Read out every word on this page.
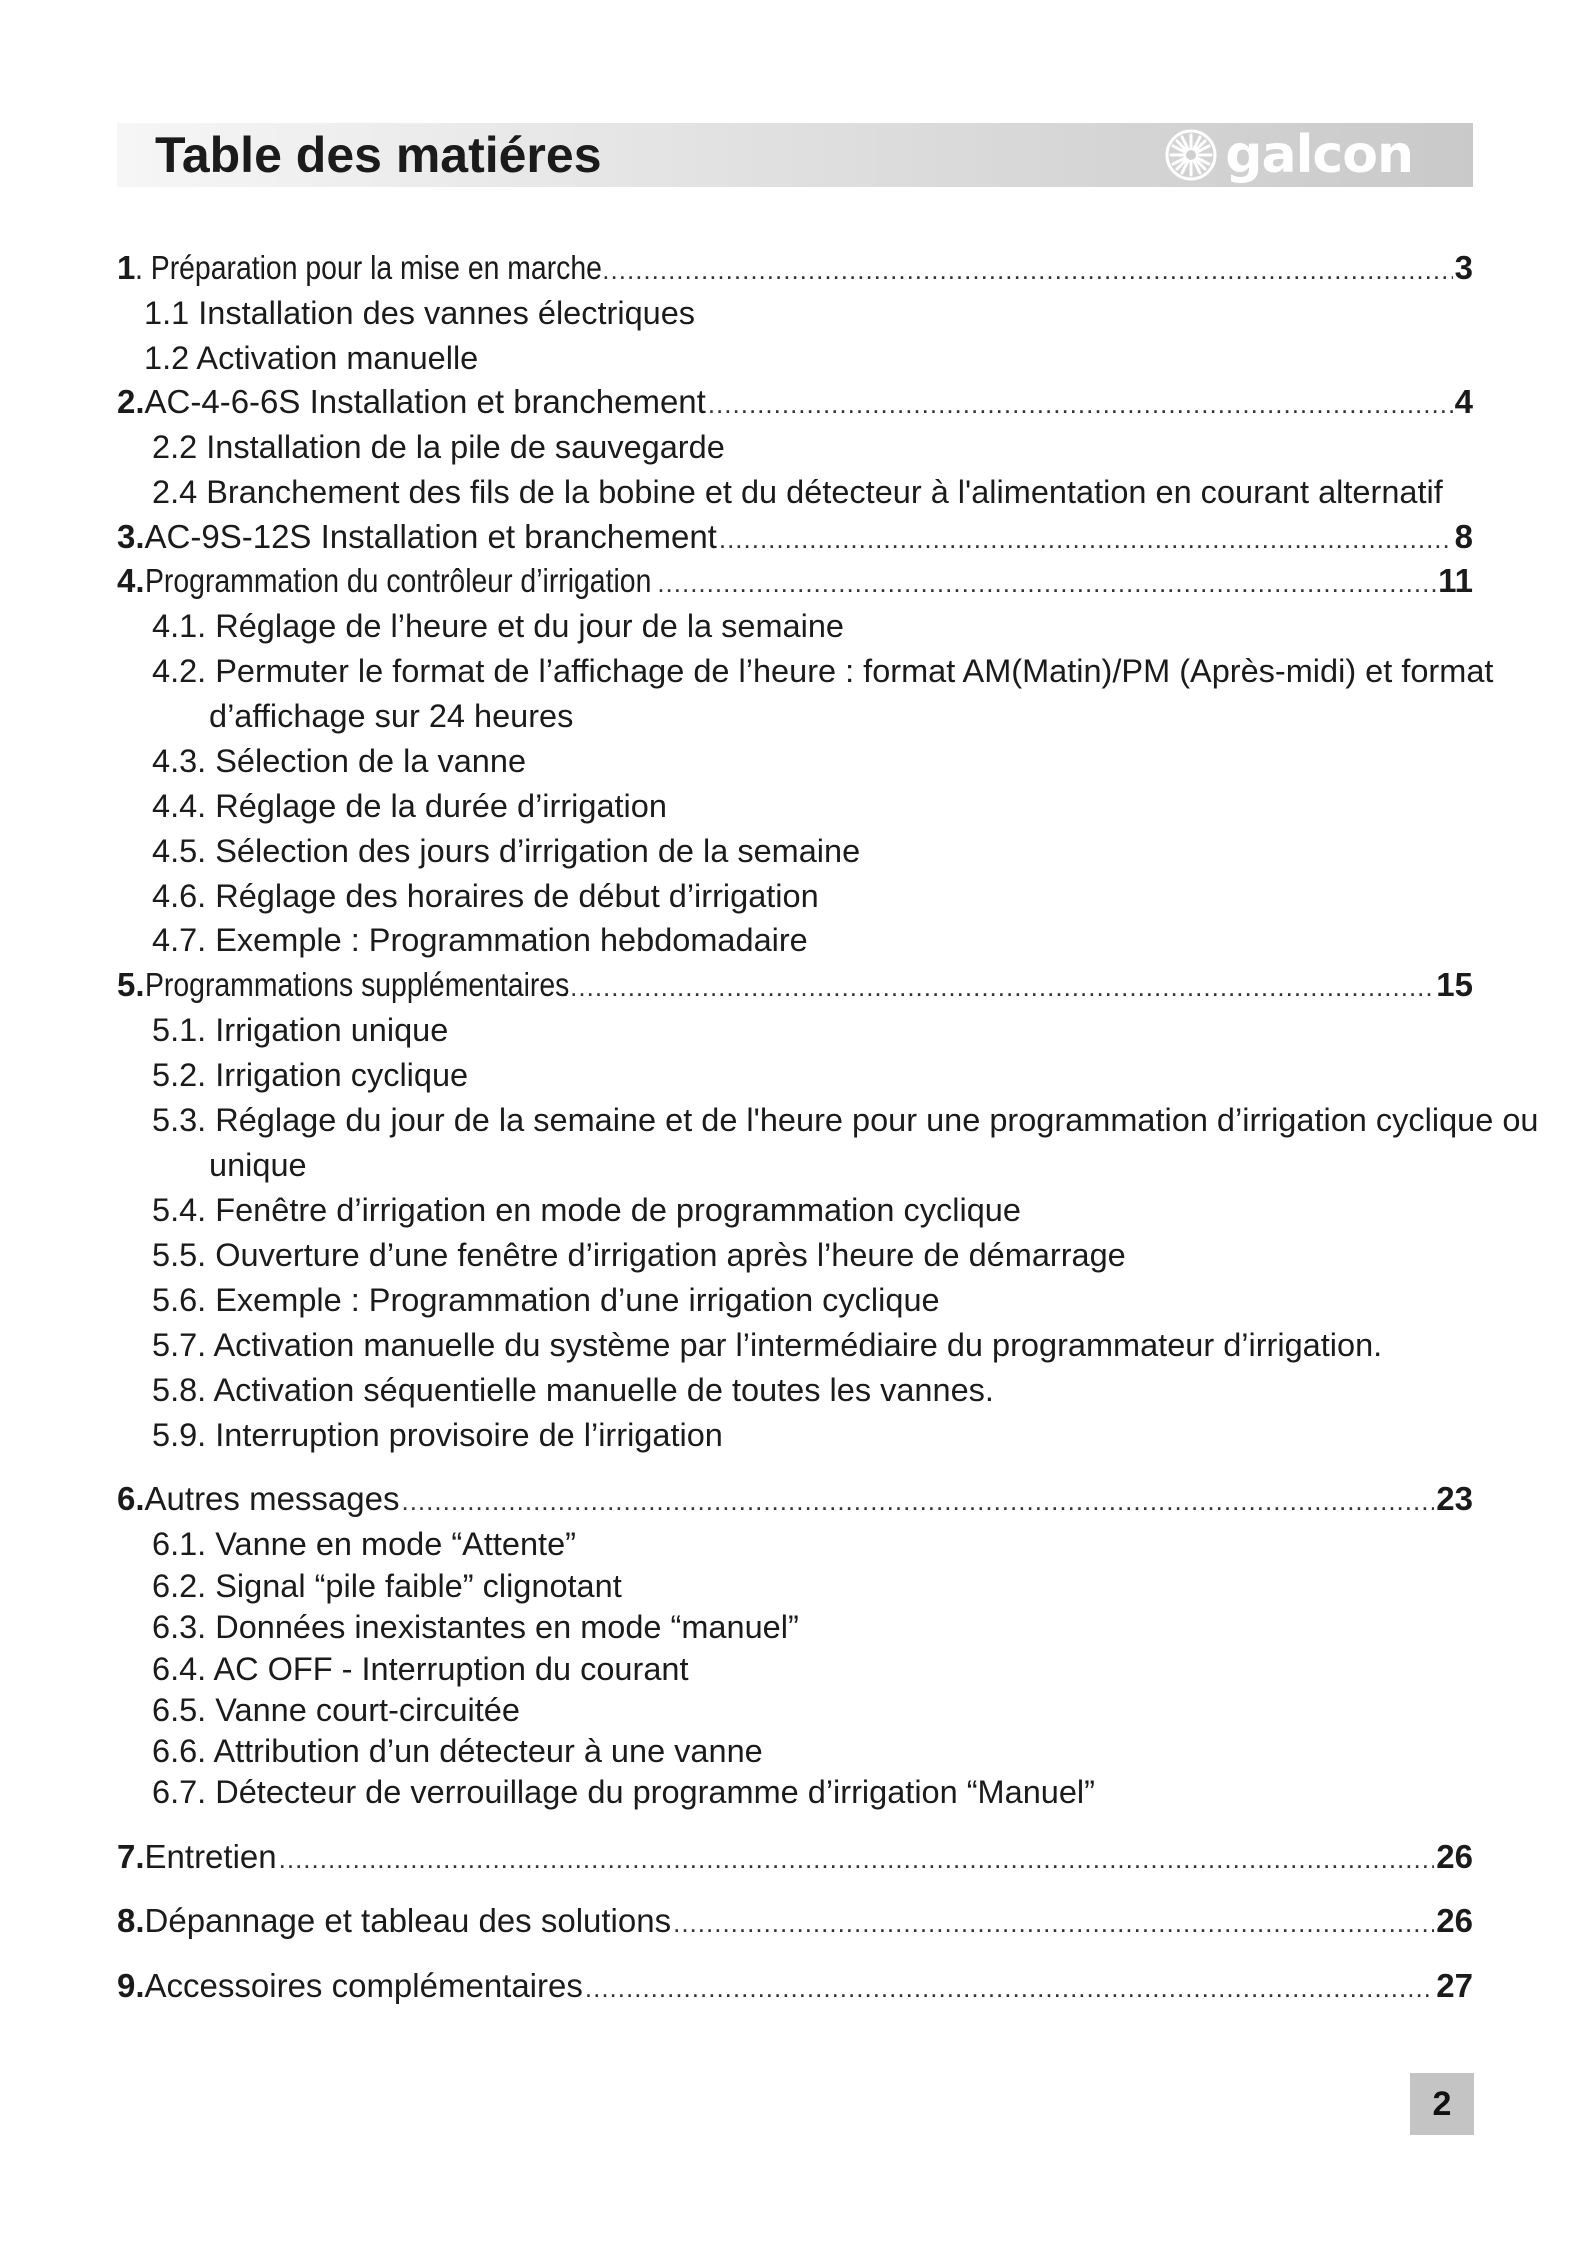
Table des matiéres	galcon
1 . Préparation pour la mise en marche .....	3
1.1 Installation des vannes électriques
1.2 Activation manuelle
2. AC-4-6-6S Installation et branchement .....	4
2.2 Installation de la pile de sauvegarde
2.4 Branchement des fils de la bobine et du détecteur à l'alimentation en courant alternatif
3. AC-9S-12S Installation et branchement .....	8
4. Programmation du contrôleur d’irrigation .....	11
4.1. Réglage de l’heure et du jour de la semaine
4.2. Permuter le format de l’affichage de l’heure : format AM(Matin)/PM (Après-midi) et format
d’affichage sur 24 heures
4.3. Sélection de la vanne
4.4. Réglage de la durée d’irrigation
4.5. Sélection des jours d’irrigation de la semaine
4.6. Réglage des horaires de début d’irrigation
4.7. Exemple : Programmation hebdomadaire
5. Programmations supplémentaires .....	15
5.1. Irrigation unique
5.2. Irrigation cyclique
5.3. Réglage du jour de la semaine et de l'heure pour une programmation d’irrigation cyclique ou
unique
5.4. Fenêtre d’irrigation en mode de programmation cyclique
5.5. Ouverture d’une fenêtre d’irrigation après l’heure de démarrage
5.6. Exemple : Programmation d’une irrigation cyclique
5.7. Activation manuelle du système par l’intermédiaire du programmateur d’irrigation.
5.8. Activation séquentielle manuelle de toutes les vannes.
5.9. Interruption provisoire de l’irrigation
6. Autres messages .....	23
6.1. Vanne en mode “Attente”
6.2. Signal “pile faible” clignotant
6.3. Données inexistantes en mode “manuel”
6.4. AC OFF - Interruption du courant
6.5. Vanne court-circuitée
6.6. Attribution d’un détecteur à une vanne
6.7. Détecteur de verrouillage du programme d’irrigation “Manuel”
7. Entretien .....	26
8. Dépannage et tableau des solutions .....	26
9. Accessoires complémentaires .....	27
2
